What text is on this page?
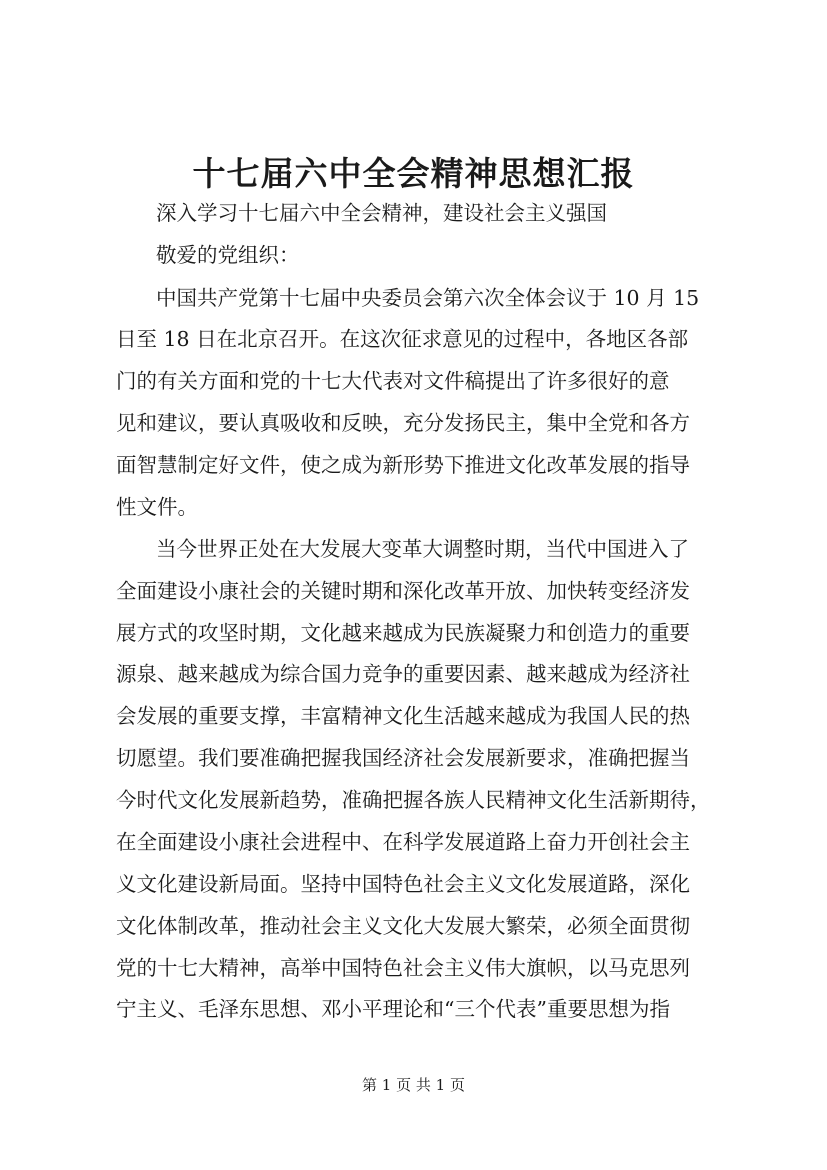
十七届六中全会精神思想汇报
深入学习十七届六中全会精神，建设社会主义强国
敬爱的党组织：
中国共产党第十七届中央委员会第六次全体会议于 10 月 15
日至 18 日在北京召开。在这次征求意见的过程中，各地区各部
门的有关方面和党的十七大代表对文件稿提出了许多很好的意
见和建议，要认真吸收和反映，充分发扬民主，集中全党和各方
面智慧制定好文件，使之成为新形势下推进文化改革发展的指导
性文件。
当今世界正处在大发展大变革大调整时期，当代中国进入了
全面建设小康社会的关键时期和深化改革开放、加快转变经济发
展方式的攻坚时期，文化越来越成为民族凝聚力和创造力的重要
源泉、越来越成为综合国力竞争的重要因素、越来越成为经济社
会发展的重要支撑，丰富精神文化生活越来越成为我国人民的热
切愿望。我们要准确把握我国经济社会发展新要求，准确把握当
今时代文化发展新趋势，准确把握各族人民精神文化生活新期待，
在全面建设小康社会进程中、在科学发展道路上奋力开创社会主
义文化建设新局面。坚持中国特色社会主义文化发展道路，深化
文化体制改革，推动社会主义文化大发展大繁荣，必须全面贯彻
党的十七大精神，高举中国特色社会主义伟大旗帜，以马克思列
宁主义、毛泽东思想、邓小平理论和“三个代表”重要思想为指
第 1 页 共 1 页
